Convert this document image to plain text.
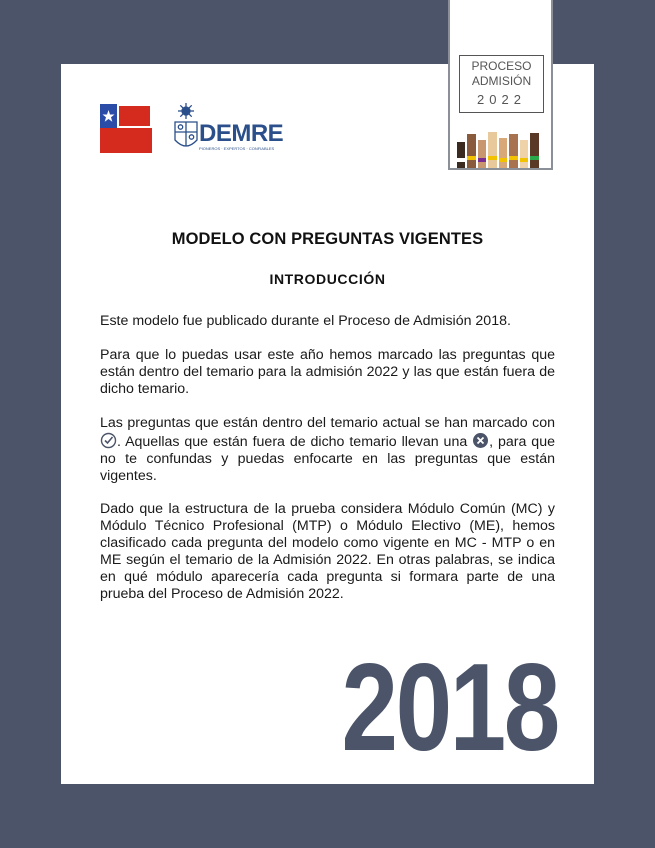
PROCESO
ADMISIÓN
2022
DEMRE
PIONEROS · EXPERTOS · CONFIABLES
MODELO CON PREGUNTAS VIGENTES
INTRODUCCIÓN
Este modelo fue publicado durante el Proceso de Admisión 2018.
Para que lo puedas usar este año hemos marcado las preguntas que están dentro del temario para la admisión 2022 y las que están fuera de dicho temario.
Las preguntas que están dentro del temario actual se han marcado con . Aquellas que están fuera de dicho temario llevan una , para que no te confundas y puedas enfocarte en las preguntas que están vigentes.
Dado que la estructura de la prueba considera Módulo Común (MC) y Módulo Técnico Profesional (MTP) o Módulo Electivo (ME), hemos clasificado cada pregunta del modelo como vigente en MC - MTP o en ME según el temario de la Admisión 2022. En otras palabras, se indica en qué módulo aparecería cada pregunta si formara parte de una prueba del Proceso de Admisión 2022.
2018
